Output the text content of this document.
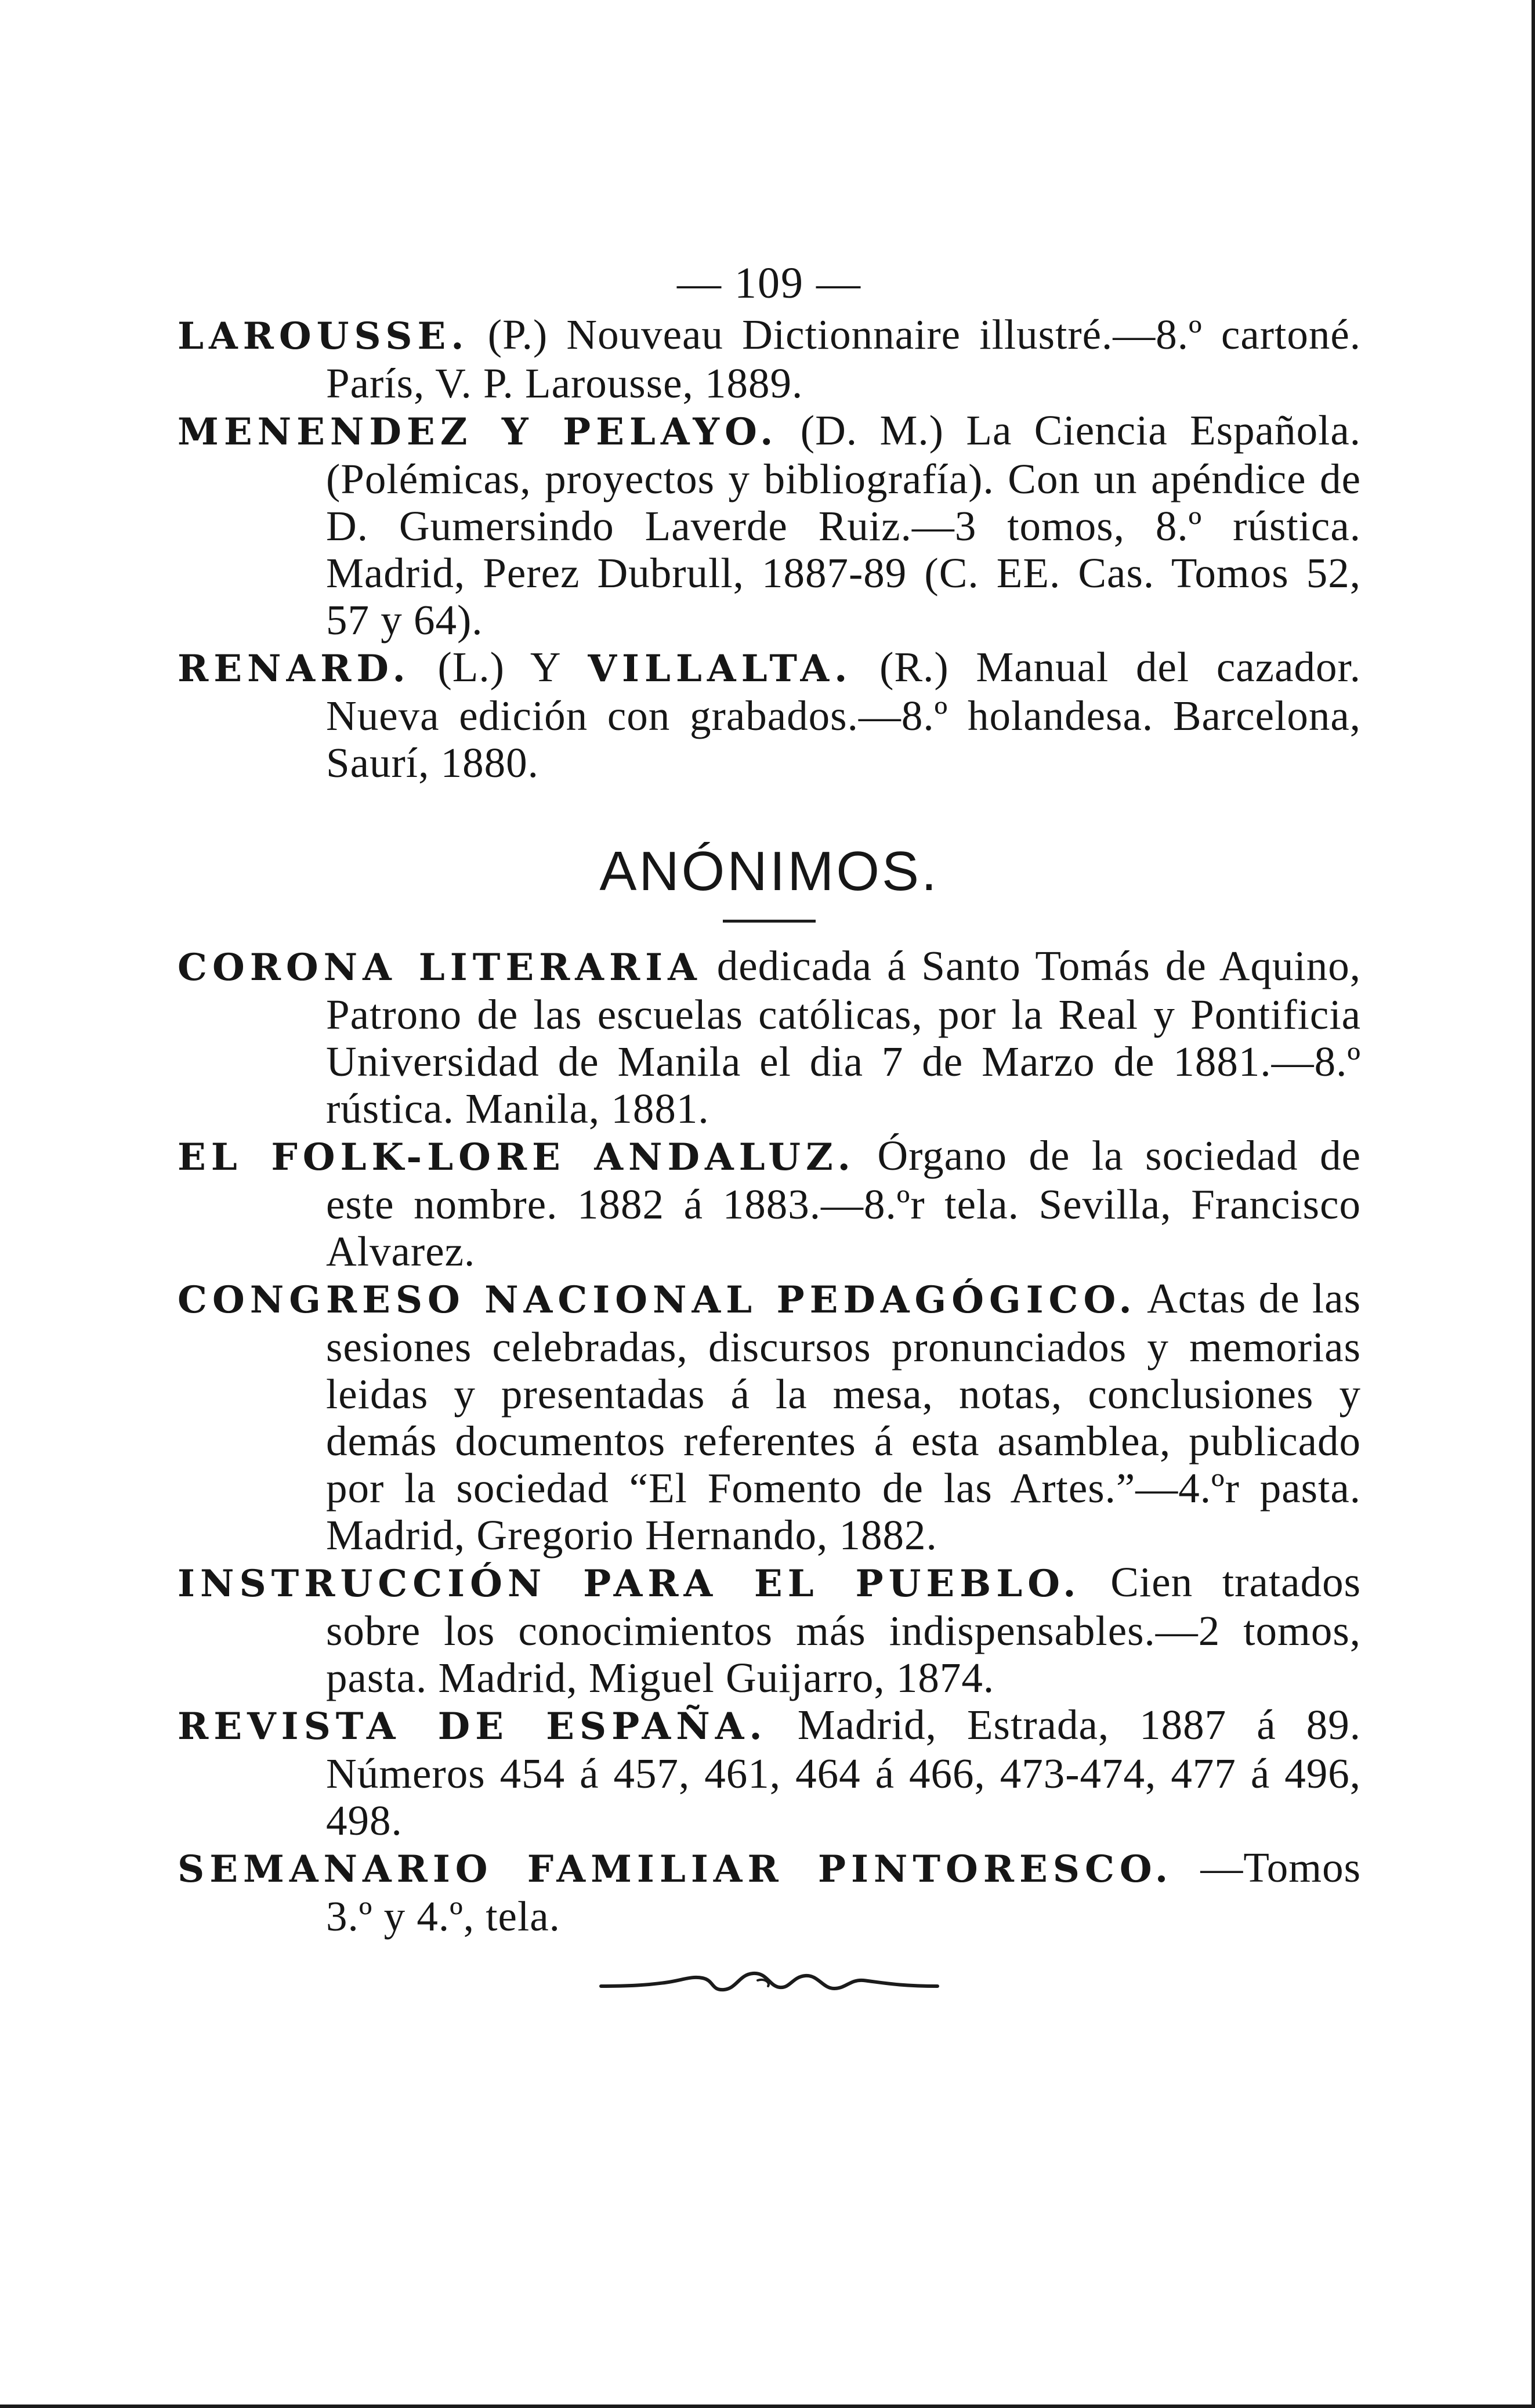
— 109 —

LAROUSSE. (P.) Nouveau Dictionnaire illustré.—8.º cartoné. París, V. P. Larousse, 1889.

MENENDEZ Y PELAYO. (D. M.) La Ciencia Española. (Polémicas, proyectos y bibliografía). Con un apéndice de D. Gumersindo Laverde Ruiz.—3 tomos, 8.º rústica. Madrid, Perez Dubrull, 1887-89 (C. EE. Cas. Tomos 52, 57 y 64).

RENARD. (L.) Y VILLALTA. (R.) Manual del cazador. Nueva edición con grabados.—8.º holandesa. Barcelona, Saurí, 1880.

ANÓNIMOS.

CORONA LITERARIA dedicada á Santo Tomás de Aquino, Patrono de las escuelas católicas, por la Real y Pontificia Universidad de Manila el dia 7 de Marzo de 1881.—8.º rústica. Manila, 1881.

EL FOLK-LORE ANDALUZ. Órgano de la sociedad de este nombre. 1882 á 1883.—8.ºr tela. Sevilla, Francisco Alvarez.

CONGRESO NACIONAL PEDAGÓGICO. Actas de las sesiones celebradas, discursos pronunciados y memorias leidas y presentadas á la mesa, notas, conclusiones y demás documentos referentes á esta asamblea, publicado por la sociedad “El Fomento de las Artes.”—4.ºr pasta. Madrid, Gregorio Hernando, 1882.

INSTRUCCIÓN PARA EL PUEBLO. Cien tratados sobre los conocimientos más indispensables.—2 tomos, pasta. Madrid, Miguel Guijarro, 1874.

REVISTA DE ESPAÑA. Madrid, Estrada, 1887 á 89. Números 454 á 457, 461, 464 á 466, 473-474, 477 á 496, 498.

SEMANARIO FAMILIAR PINTORESCO. —Tomos 3.º y 4.º, tela.
